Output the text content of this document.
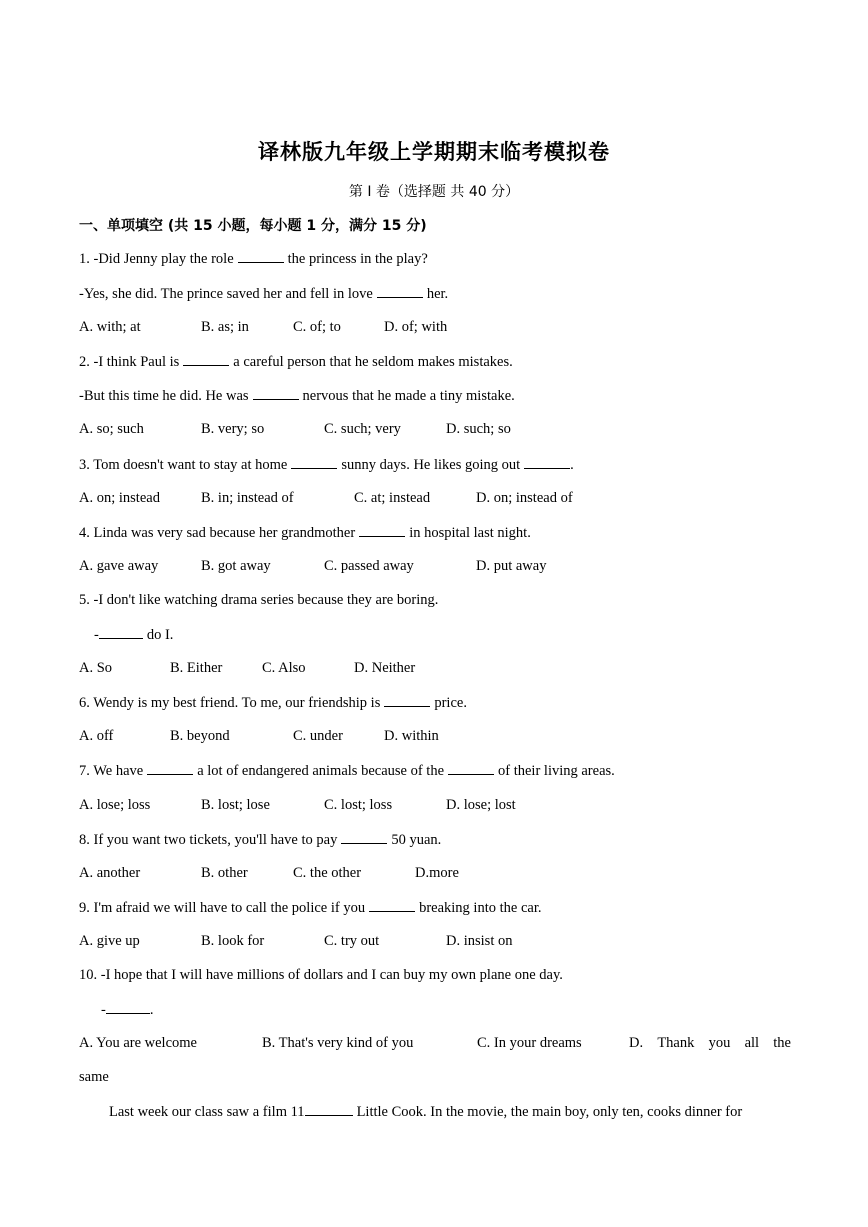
译林版九年级上学期期末临考模拟卷
第 Ⅰ 卷（选择题 共 40 分）
一、单项填空 (共 15 小题，每小题 1 分，满分 15 分)
1. -Did Jenny play the role	the princess in the play?
-Yes, she did. The prince saved her and fell in love	her.
A. with; at	B. as; in	C. of; to	D. of; with
2. -I think Paul is	a careful person that he seldom makes mistakes.
-But this time he did. He was	nervous that he made a tiny mistake.
A. so; such	B. very; so	C. such; very	D. such; so
3. Tom doesn't want to stay at home	sunny days. He likes going out	.
A. on; instead	B. in; instead of	C. at; instead	D. on; instead of
4. Linda was very sad because her grandmother	in hospital last night.
A. gave away	B. got away	C. passed away	D. put away
5. -I don't like watching drama series because they are boring.
-	do I.
A. So	B. Either	C. Also	D. Neither
6. Wendy is my best friend. To me, our friendship is	price.
A. off	B. beyond	C. under	D. within
7. We have	a lot of endangered animals because of the	of their living areas.
A. lose; loss	B. lost; lose	C. lost; loss	D. lose; lost
8. If you want two tickets, you'll have to pay	50 yuan.
A. another	B. other	C. the other	D.more
9. I'm afraid we will have to call the police if you	breaking into the car.
A. give up	B. look for	C. try out	D. insist on
10. -I hope that I will have millions of dollars and I can buy my own plane one day.
-	.
A. You are welcome	B. That's very kind of you	C. In your dreams	D. Thank you all the
same
Last week our class saw a film 11	Little Cook. In the movie, the main boy, only ten, cooks dinner for
